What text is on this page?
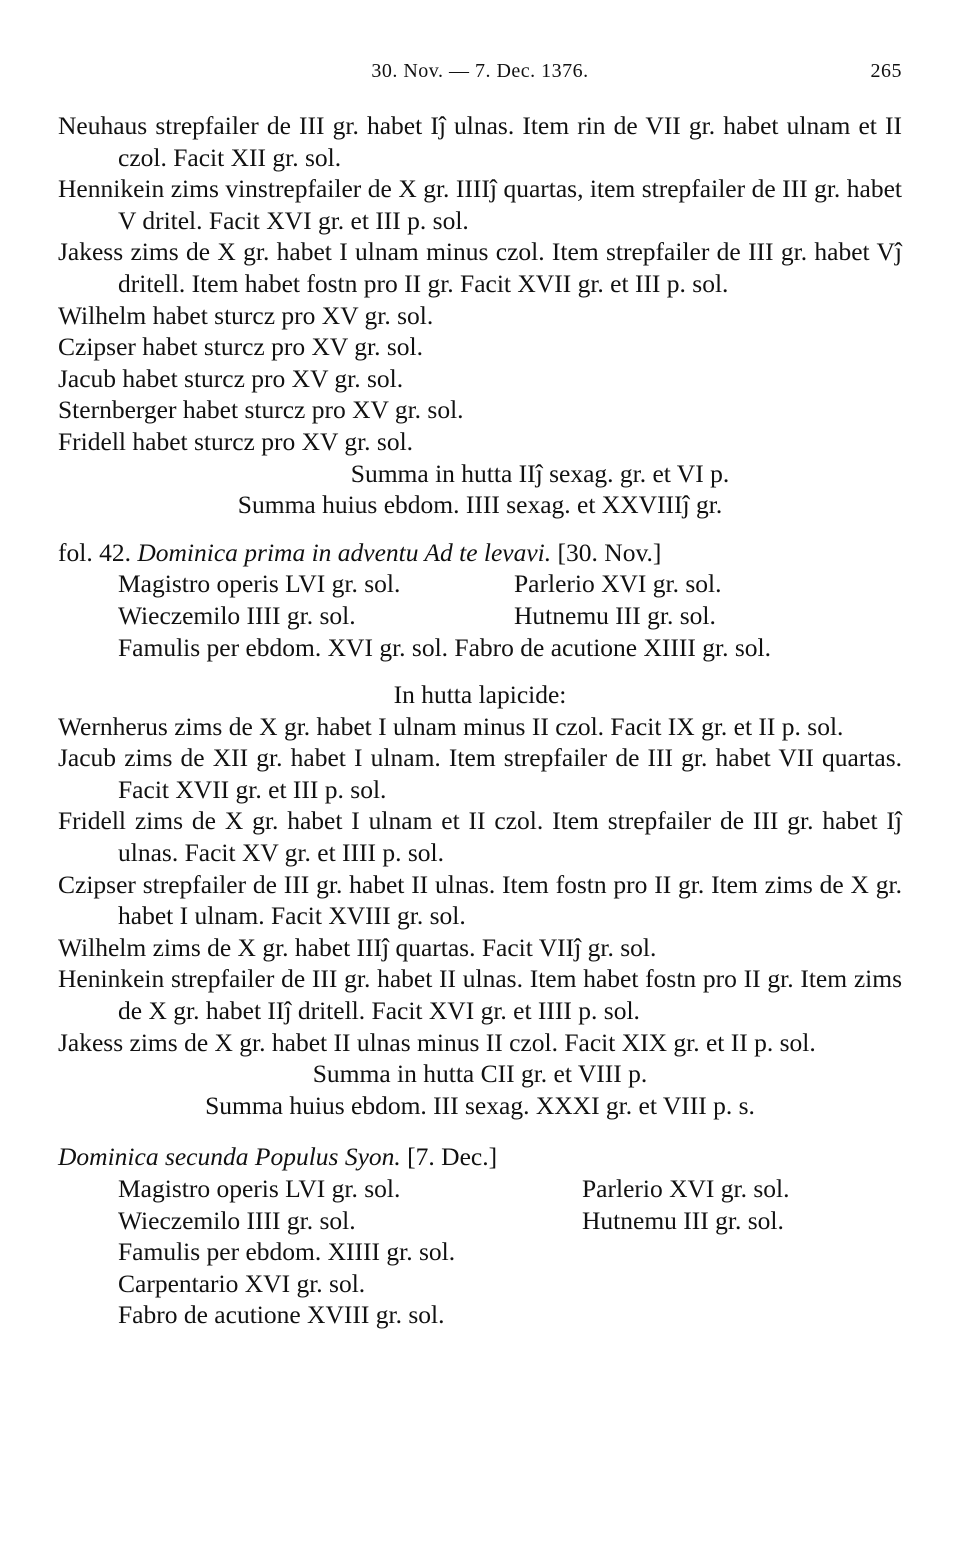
30. Nov. — 7. Dec. 1376.	265

Neuhaus strepfailer de III gr. habet Iĵ ulnas. Item rin de VII gr. habet ulnam et II czol. Facit XII gr. sol.

Hennikein zims vinstrepfailer de X gr. IIIIĵ quartas, item strepfailer de III gr. habet V dritel. Facit XVI gr. et III p. sol.

Jakess zims de X gr. habet I ulnam minus czol. Item strepfailer de III gr. habet Vĵ dritell. Item habet fostn pro II gr. Facit XVII gr. et III p. sol.

Wilhelm habet sturcz pro XV gr. sol.

Czipser habet sturcz pro XV gr. sol.

Jacub habet sturcz pro XV gr. sol.

Sternberger habet sturcz pro XV gr. sol.

Fridell habet sturcz pro XV gr. sol.

Summa in hutta IIĵ sexag. gr. et VI p.

Summa huius ebdom. IIII sexag. et XXVIIIĵ gr.

fol. 42. Dominica prima in adventu Ad te levavi. [30. Nov.]

Magistro operis LVI gr. sol.	Parlerio XVI gr. sol.
Wieczemilo IIII gr. sol.	Hutnemu III gr. sol.

Famulis per ebdom. XVI gr. sol. Fabro de acutione XIIII gr. sol.

In hutta lapicide:

Wernherus zims de X gr. habet I ulnam minus II czol. Facit IX gr. et II p. sol.

Jacub zims de XII gr. habet I ulnam. Item strepfailer de III gr. habet VII quartas. Facit XVII gr. et III p. sol.

Fridell zims de X gr. habet I ulnam et II czol. Item strepfailer de III gr. habet Iĵ ulnas. Facit XV gr. et IIII p. sol.

Czipser strepfailer de III gr. habet II ulnas. Item fostn pro II gr. Item zims de X gr. habet I ulnam. Facit XVIII gr. sol.

Wilhelm zims de X gr. habet IIIĵ quartas. Facit VIIĵ gr. sol.

Heninkein strepfailer de III gr. habet II ulnas. Item habet fostn pro II gr. Item zims de X gr. habet IIĵ dritell. Facit XVI gr. et IIII p. sol.

Jakess zims de X gr. habet II ulnas minus II czol. Facit XIX gr. et II p. sol.

Summa in hutta CII gr. et VIII p.

Summa huius ebdom. III sexag. XXXI gr. et VIII p. s.

Dominica secunda Populus Syon. [7. Dec.]

Magistro operis LVI gr. sol.	Parlerio XVI gr. sol.
Wieczemilo IIII gr. sol.	Hutnemu III gr. sol.

Famulis per ebdom. XIIII gr. sol.

Carpentario XVI gr. sol.

Fabro de acutione XVIII gr. sol.
